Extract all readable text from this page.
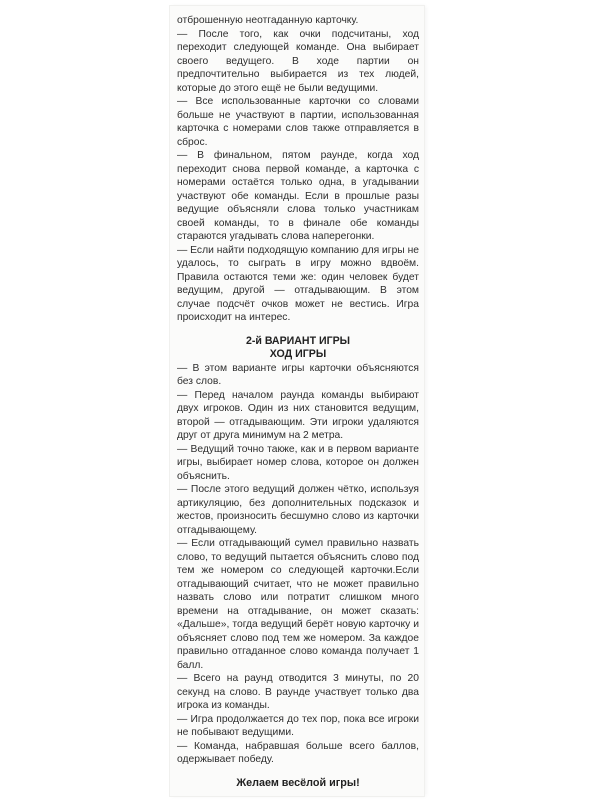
отброшенную неотгаданную карточку.

— После того, как очки подсчитаны, ход переходит следующей команде. Она выбирает своего ведущего. В ходе партии он предпочтительно выбирается из тех людей, которые до этого ещё не были ведущими.

— Все использованные карточки со словами больше не участвуют в партии, использованная карточка с номерами слов также отправляется в сброс.

— В финальном, пятом раунде, когда ход переходит снова первой команде, а карточка с номерами остаётся только одна, в угадывании участвуют обе команды. Если в прошлые разы ведущие объясняли слова только участникам своей команды, то в финале обе команды стараются угадывать слова наперегонки.

— Если найти подходящую компанию для игры не удалось, то сыграть в игру можно вдвоём. Правила остаются теми же: один человек будет ведущим, другой — отгадывающим. В этом случае подсчёт очков может не вестись. Игра происходит на интерес.

2-й ВАРИАНТ ИГРЫ
ХОД ИГРЫ

— В этом варианте игры карточки объясняются без слов.

— Перед началом раунда команды выбирают двух игроков. Один из них становится ведущим, второй — отгадывающим. Эти игроки удаляются друг от друга минимум на 2 метра.

— Ведущий точно также, как и в первом варианте игры, выбирает номер слова, которое он должен объяснить.

— После этого ведущий должен чётко, используя артикуляцию, без дополнительных подсказок и жестов, произносить бесшумно слово из карточки отгадывающему.

— Если отгадывающий сумел правильно назвать слово, то ведущий пытается объяснить слово под тем же номером со следующей карточки.Если отгадывающий считает, что не может правильно назвать слово или потратит слишком много времени на отгадывание, он может сказать: «Дальше», тогда ведущий берёт новую карточку и объясняет слово под тем же номером. За каждое правильно отгаданное слово команда получает 1 балл.

— Всего на раунд отводится 3 минуты, по 20 секунд на слово. В раунде участвует только два игрока из команды.

— Игра продолжается до тех пор, пока все игроки не побывают ведущими.

— Команда, набравшая больше всего баллов, одержывает победу.

Желаем весёлой игры!
